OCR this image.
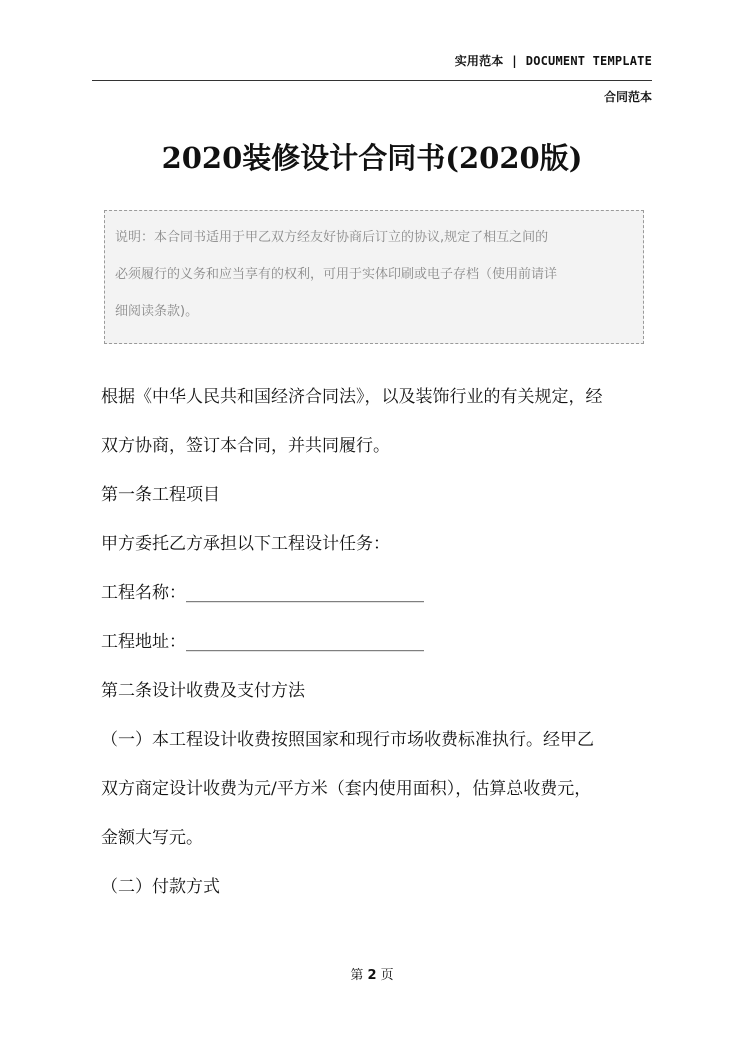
实用范本 | DOCUMENT TEMPLATE
合同范本
2020装修设计合同书(2020版)
说明：本合同书适用于甲乙双方经友好协商后订立的协议,规定了相互之间的
必须履行的义务和应当享有的权利，可用于实体印刷或电子存档（使用前请详
细阅读条款)。
根据《中华人民共和国经济合同法》，以及装饰行业的有关规定，经
双方协商，签订本合同，并共同履行。
第一条工程项目
甲方委托乙方承担以下工程设计任务：
工程名称：____________________________
工程地址：____________________________
第二条设计收费及支付方法
（一）本工程设计收费按照国家和现行市场收费标准执行。经甲乙
双方商定设计收费为元/平方米（套内使用面积），估算总收费元，
金额大写元。
（二）付款方式
第 2 页
